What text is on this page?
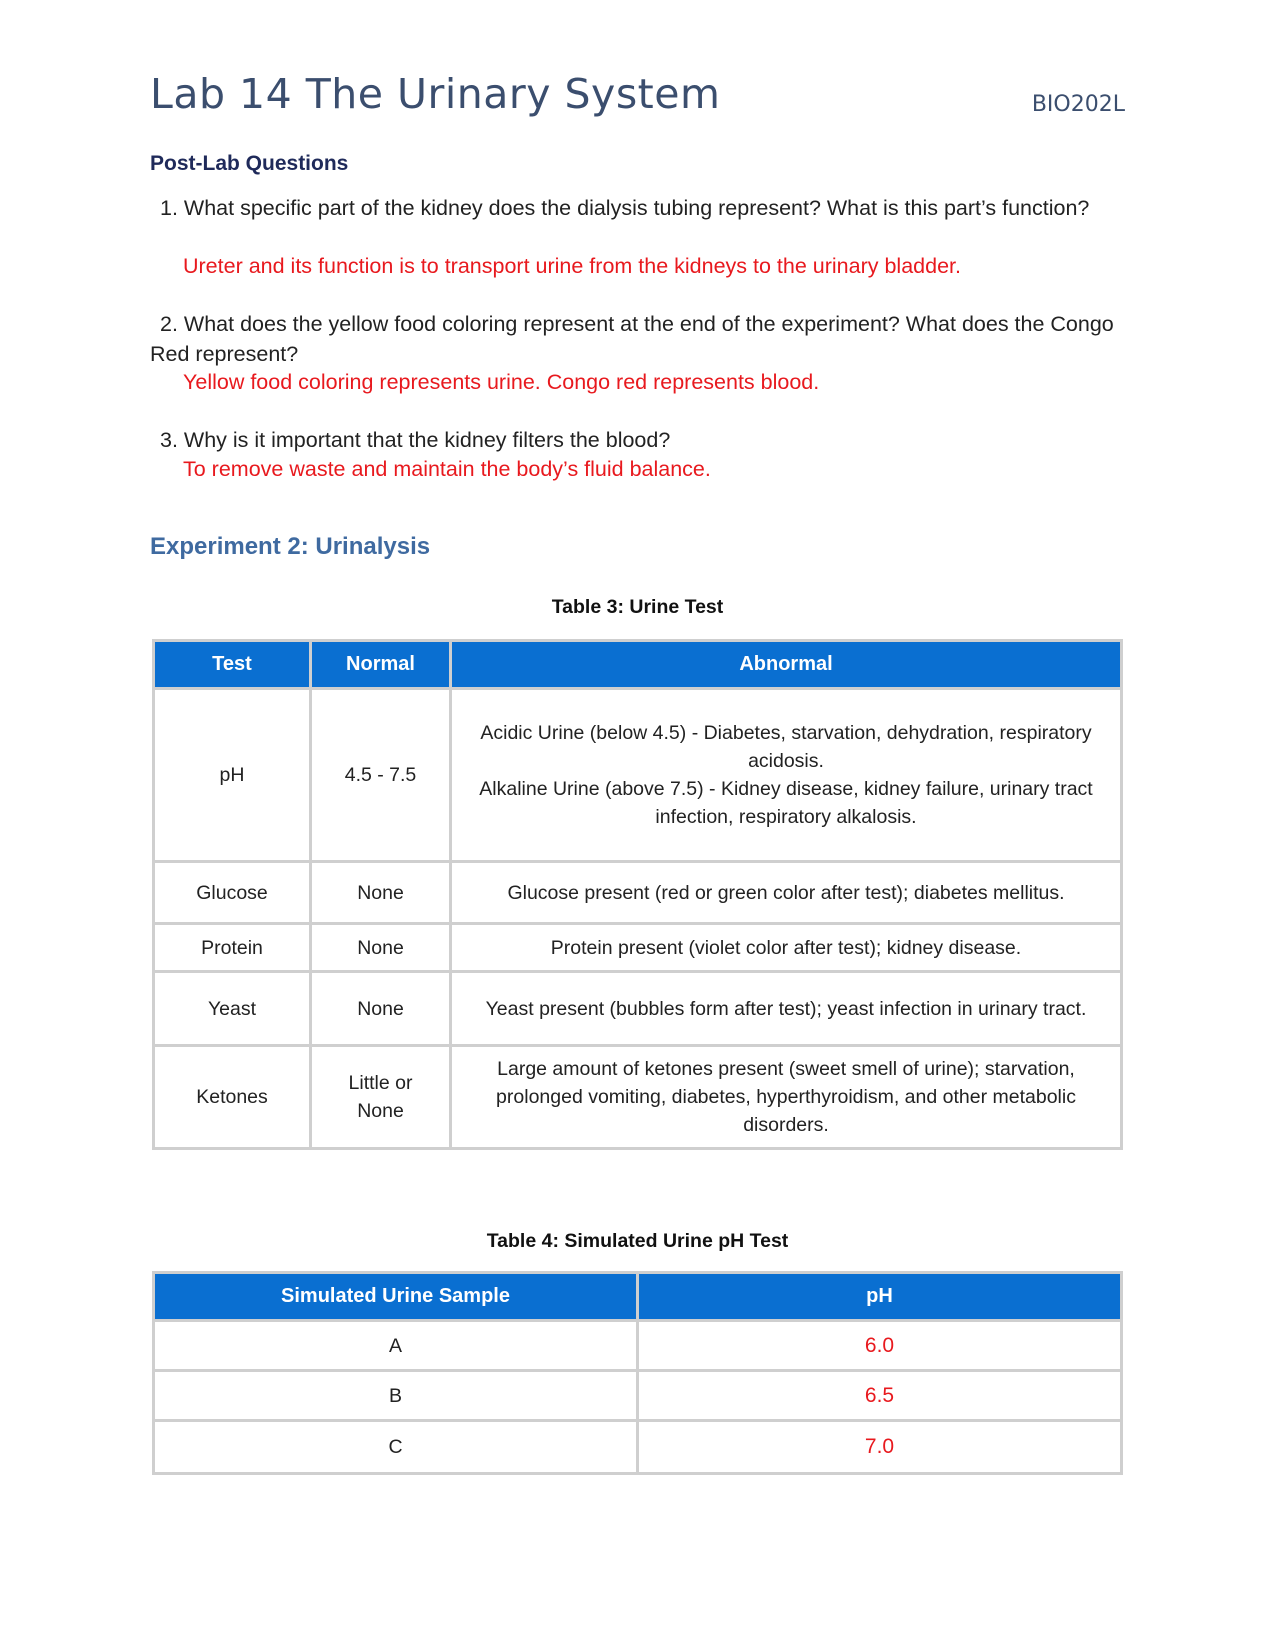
Lab 14 The Urinary System	BIO202L
Post-Lab Questions
1. What specific part of the kidney does the dialysis tubing represent? What is this part’s function?
Ureter and its function is to transport urine from the kidneys to the urinary bladder.
2. What does the yellow food coloring represent at the end of the experiment? What does the Congo Red represent?
Yellow food coloring represents urine. Congo red represents blood.
3. Why is it important that the kidney filters the blood?
To remove waste and maintain the body’s fluid balance.
Experiment 2: Urinalysis
Table 3: Urine Test
Test	Normal	Abnormal
pH	4.5 - 7.5	Acidic Urine (below 4.5) - Diabetes, starvation, dehydration, respiratory acidosis.
Alkaline Urine (above 7.5) - Kidney disease, kidney failure, urinary tract infection, respiratory alkalosis.

Glucose	None	Glucose present (red or green color after test); diabetes mellitus.
Protein	None	Protein present (violet color after test); kidney disease.
Yeast	None	Yeast present (bubbles form after test); yeast infection in urinary tract.
Ketones	Little or None	Large amount of ketones present (sweet smell of urine); starvation, prolonged vomiting, diabetes, hyperthyroidism, and other metabolic disorders.
Table 4: Simulated Urine pH Test
Simulated Urine Sample	pH
A	6.0
B	6.5
C	7.0
